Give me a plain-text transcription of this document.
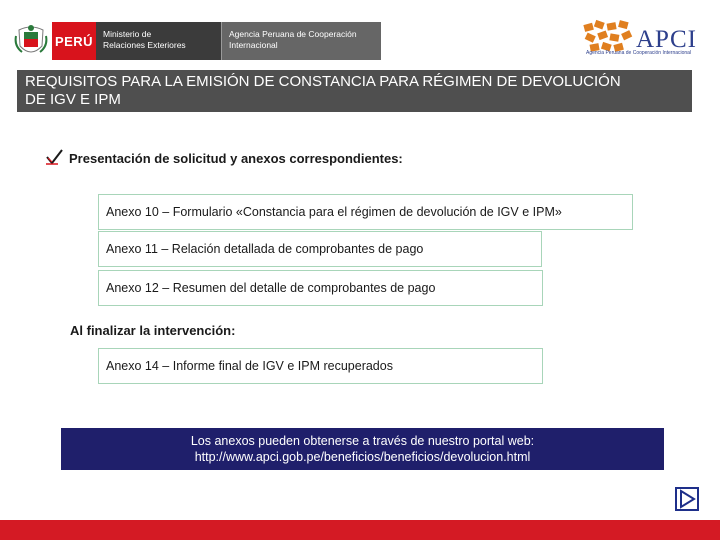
PERÚ	Ministerio de
Relaciones Exteriores
Agencia Peruana de Cooperación
Internacional	APCI
Agencia Peruana de Cooperación Internacional
REQUISITOS PARA LA EMISIÓN DE CONSTANCIA PARA RÉGIMEN DE DEVOLUCIÓN
DE IGV E IPM
Presentación de solicitud y anexos correspondientes:
Anexo 10 – Formulario «Constancia para el régimen de devolución de IGV e IPM»
Anexo 11 – Relación detallada de comprobantes de pago
Anexo 12 – Resumen del detalle de comprobantes de pago
Al finalizar la intervención:
Anexo 14 – Informe final de IGV e IPM recuperados
Los anexos pueden obtenerse a través de nuestro portal web:
http://www.apci.gob.pe/beneficios/beneficios/devolucion.html
